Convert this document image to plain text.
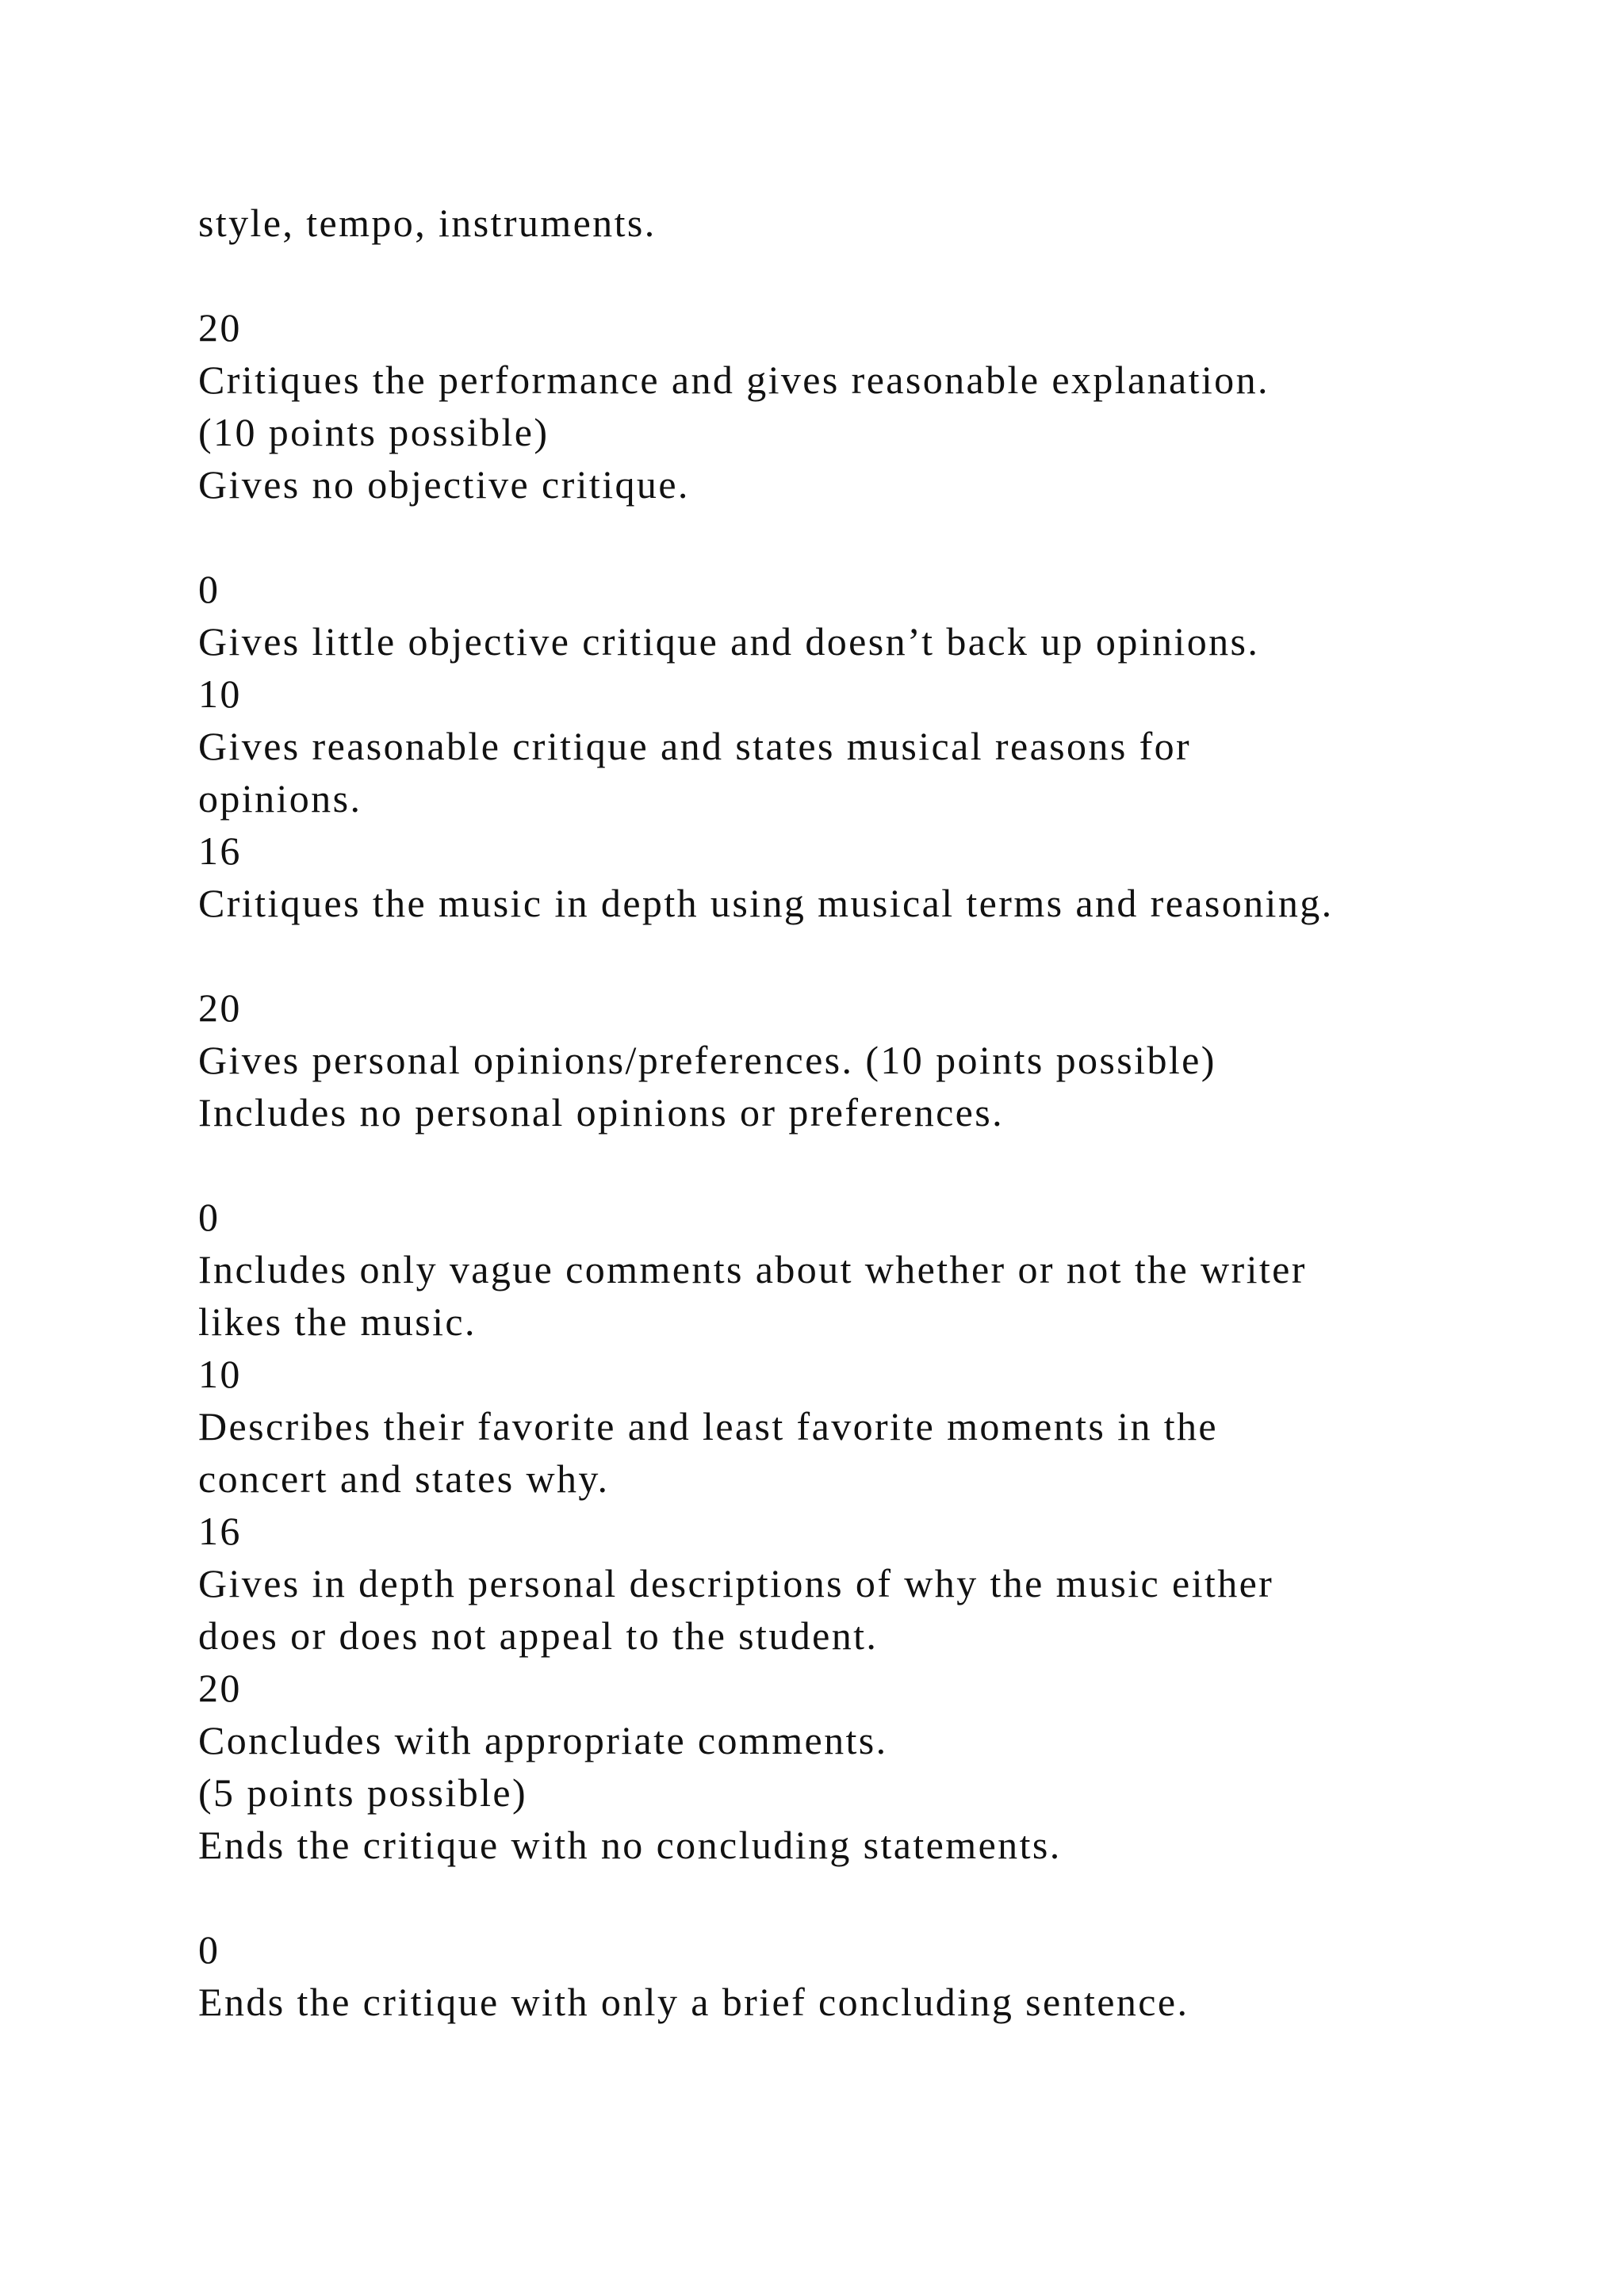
style, tempo, instruments.
20
Critiques the performance and gives reasonable explanation.
(10 points possible)
Gives no objective critique.
0
Gives little objective critique and doesn’t back up opinions.
10
Gives reasonable critique and states musical reasons for
opinions.
16
Critiques the music in depth using musical terms and reasoning.
20
Gives personal opinions/preferences. (10 points possible)
Includes no personal opinions or preferences.
0
Includes only vague comments about whether or not the writer
likes the music.
10
Describes their favorite and least favorite moments in the
concert and states why.
16
Gives in depth personal descriptions of why the music either
does or does not appeal to the student.
20
Concludes with appropriate comments.
(5 points possible)
Ends the critique with no concluding statements.
0
Ends the critique with only a brief concluding sentence.
